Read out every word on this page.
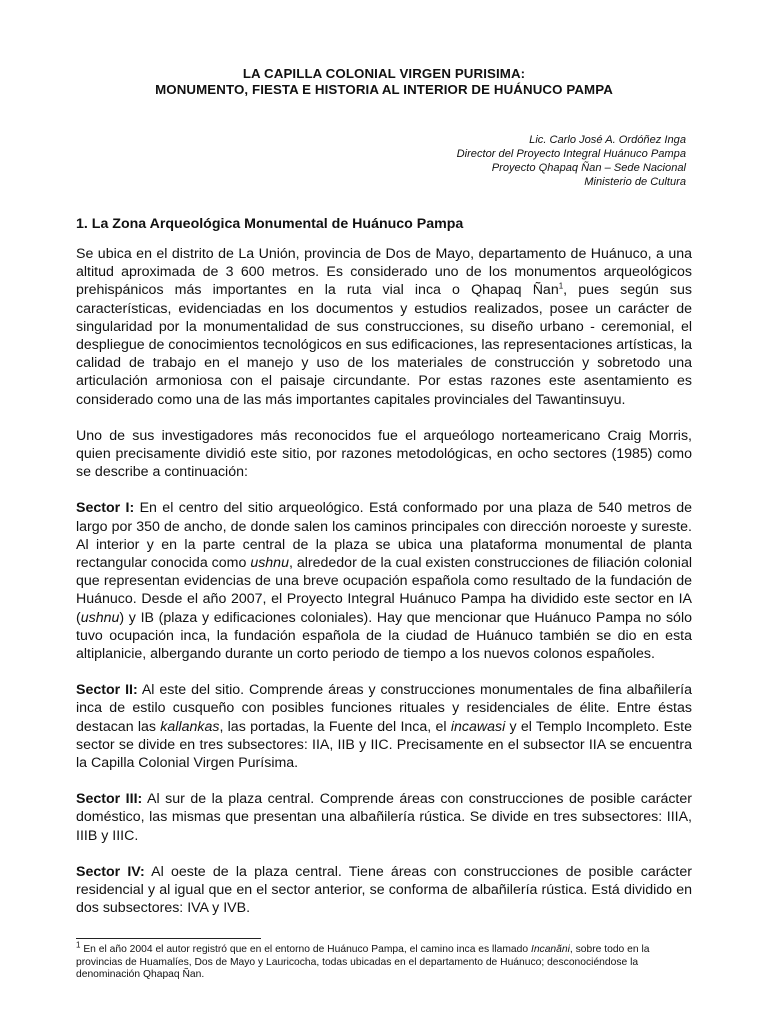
LA CAPILLA COLONIAL VIRGEN PURISIMA:
MONUMENTO, FIESTA E HISTORIA AL INTERIOR DE HUÁNUCO PAMPA
Lic. Carlo José A. Ordóñez Inga
Director del Proyecto Integral Huánuco Pampa
Proyecto Qhapaq Ñan – Sede Nacional
Ministerio de Cultura
1. La Zona Arqueológica Monumental de Huánuco Pampa

Se ubica en el distrito de La Unión, provincia de Dos de Mayo, departamento de Huánuco, a una altitud aproximada de 3 600 metros. Es considerado uno de los monumentos arqueológicos prehispánicos más importantes en la ruta vial inca o Qhapaq Ñan$^1$, pues según sus características, evidenciadas en los documentos y estudios realizados, posee un carácter de singularidad por la monumentalidad de sus construcciones, su diseño urbano - ceremonial, el despliegue de conocimientos tecnológicos en sus edificaciones, las representaciones artísticas, la calidad de trabajo en el manejo y uso de los materiales de construcción y sobretodo una articulación armoniosa con el paisaje circundante. Por estas razones este asentamiento es considerado como una de las más importantes capitales provinciales del Tawantinsuyu.

Uno de sus investigadores más reconocidos fue el arqueólogo norteamericano Craig Morris, quien precisamente dividió este sitio, por razones metodológicas, en ocho sectores (1985) como se describe a continuación:

Sector I: En el centro del sitio arqueológico. Está conformado por una plaza de 540 metros de largo por 350 de ancho, de donde salen los caminos principales con dirección noroeste y sureste. Al interior y en la parte central de la plaza se ubica una plataforma monumental de planta rectangular conocida como ushnu, alrededor de la cual existen construcciones de filiación colonial que representan evidencias de una breve ocupación española como resultado de la fundación de Huánuco. Desde el año 2007, el Proyecto Integral Huánuco Pampa ha dividido este sector en IA (ushnu) y IB (plaza y edificaciones coloniales). Hay que mencionar que Huánuco Pampa no sólo tuvo ocupación inca, la fundación española de la ciudad de Huánuco también se dio en esta altiplanicie, albergando durante un corto periodo de tiempo a los nuevos colonos españoles.

Sector II: Al este del sitio. Comprende áreas y construcciones monumentales de fina albañilería inca de estilo cusqueño con posibles funciones rituales y residenciales de élite. Entre éstas destacan las kallankas, las portadas, la Fuente del Inca, el incawasi y el Templo Incompleto. Este sector se divide en tres subsectores: IIA, IIB y IIC. Precisamente en el subsector IIA se encuentra la Capilla Colonial Virgen Purísima.

Sector III: Al sur de la plaza central. Comprende áreas con construcciones de posible carácter doméstico, las mismas que presentan una albañilería rústica. Se divide en tres subsectores: IIIA, IIIB y IIIC.

Sector IV: Al oeste de la plaza central. Tiene áreas con construcciones de posible carácter residencial y al igual que en el sector anterior, se conforma de albañilería rústica. Está dividido en dos subsectores: IVA y IVB.

$^1$ En el año 2004 el autor registró que en el entorno de Huánuco Pampa, el camino inca es llamado Incanãni, sobre todo en la provincias de Huamalíes, Dos de Mayo y Lauricocha, todas ubicadas en el departamento de Huánuco; desconociéndose la denominación Qhapaq Ñan.
